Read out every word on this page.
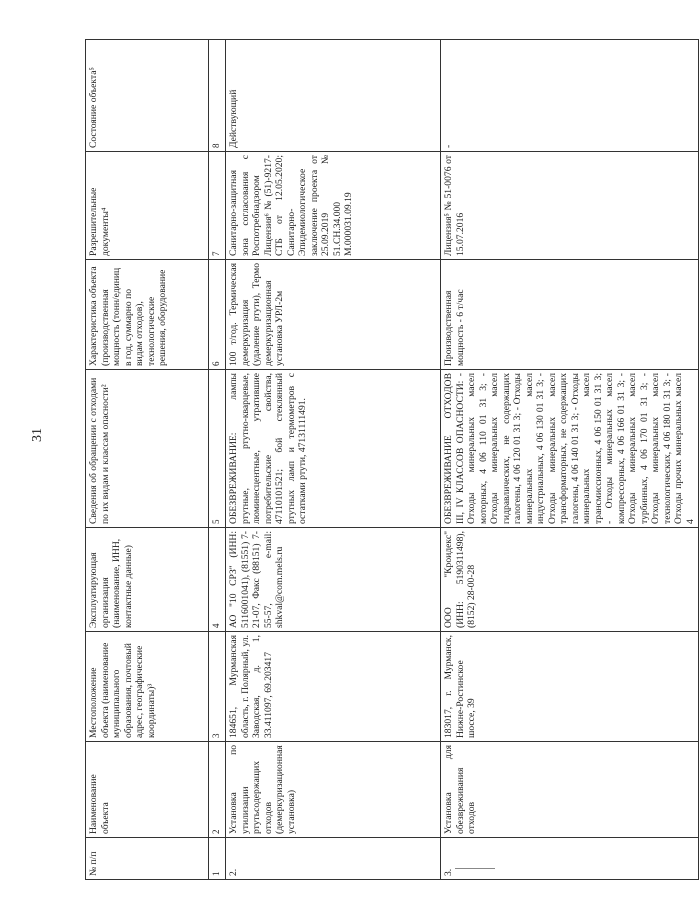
31
№ п/п	Наименование объекта	Местоположение объекта (наименование муниципального образования, почтовый адрес, географические координаты)³	Эксплуатирующая организация (наименование, ИНН, контактные данные)	Сведения об обращении с отходами по их видам и классам опасности²	Характеристика объекта (производственная мощность (тонн/единиц в год, суммарно по видам отходов), технологические решения, оборудование	Разрешительные документы⁴	Состояние объекта⁵
1	2	3	4	5	6	7	8
2.	Установка по утилизации ртутьсодержащих отходов (демеркуризационная установка)	184651, Мурманская область, г. Полярный, ул. Заводская, д. 1, 33.411097, 69.203417	АО "10 СРЗ" (ИНН: 5116001041), (81551) 7-21-07, Факс (88151) 7-55-57, e-mail: shkval@com.mels.ru	ОБЕЗВРЕЖИВАНИЕ: лампы ртутные, ртутно-кварцевые, люминесцентные, утратившие потребительские свойства, 47110101521; бой стеклянный ртутных ламп и термометров с остатками ртути, 47131111491.	100 т/год. Термическая демеркуризация (удаление ртути), Термо демеркуризационная установка УРЛ-2м	Санитарно-защитная зона согласования с Роспотребнадзором Лицензия⁶ № (51)-9217-СТБ от 12.05.2020; Санитарно-Эпидемиологическое заключение проекта от 25.09.2019 № 51.СН.34.000 М.000031.09.19	Действующий
3.	Установка для обезвреживания отходов	183017, г. Мурманск, Нижне-Ростинское шоссе, 39	ООО "Кроидекс" (ИНН: 5190311498), (8152) 28-00-28	ОБЕЗВРЕЖИВАНИЕ ОТХОДОВ III, IV КЛАССОВ ОПАСНОСТИ: - Отходы минеральных масел моторных, 4 06 110 01 31 3; - Отходы минеральных масел гидравлических, не содержащих галогены, 4 06 120 01 31 3; - Отходы минеральных масел индустриальных, 4 06 130 01 31 3; - Отходы минеральных масел трансформаторных, не содержащих галогены, 4 06 140 01 31 3; - Отходы минеральных масел трансмиссионных, 4 06 150 01 31 3; - Отходы минеральных масел компрессорных, 4 06 166 01 31 3; - Отходы минеральных масел турбинных, 4 06 170 01 31 3; - Отходы минеральных масел технологических, 4 06 180 01 31 3; - Отходы прочих минеральных масел 4	Производственная мощность - 6 т/час	Лицензия⁵ № 51-0076 от 15.07.2016	-
